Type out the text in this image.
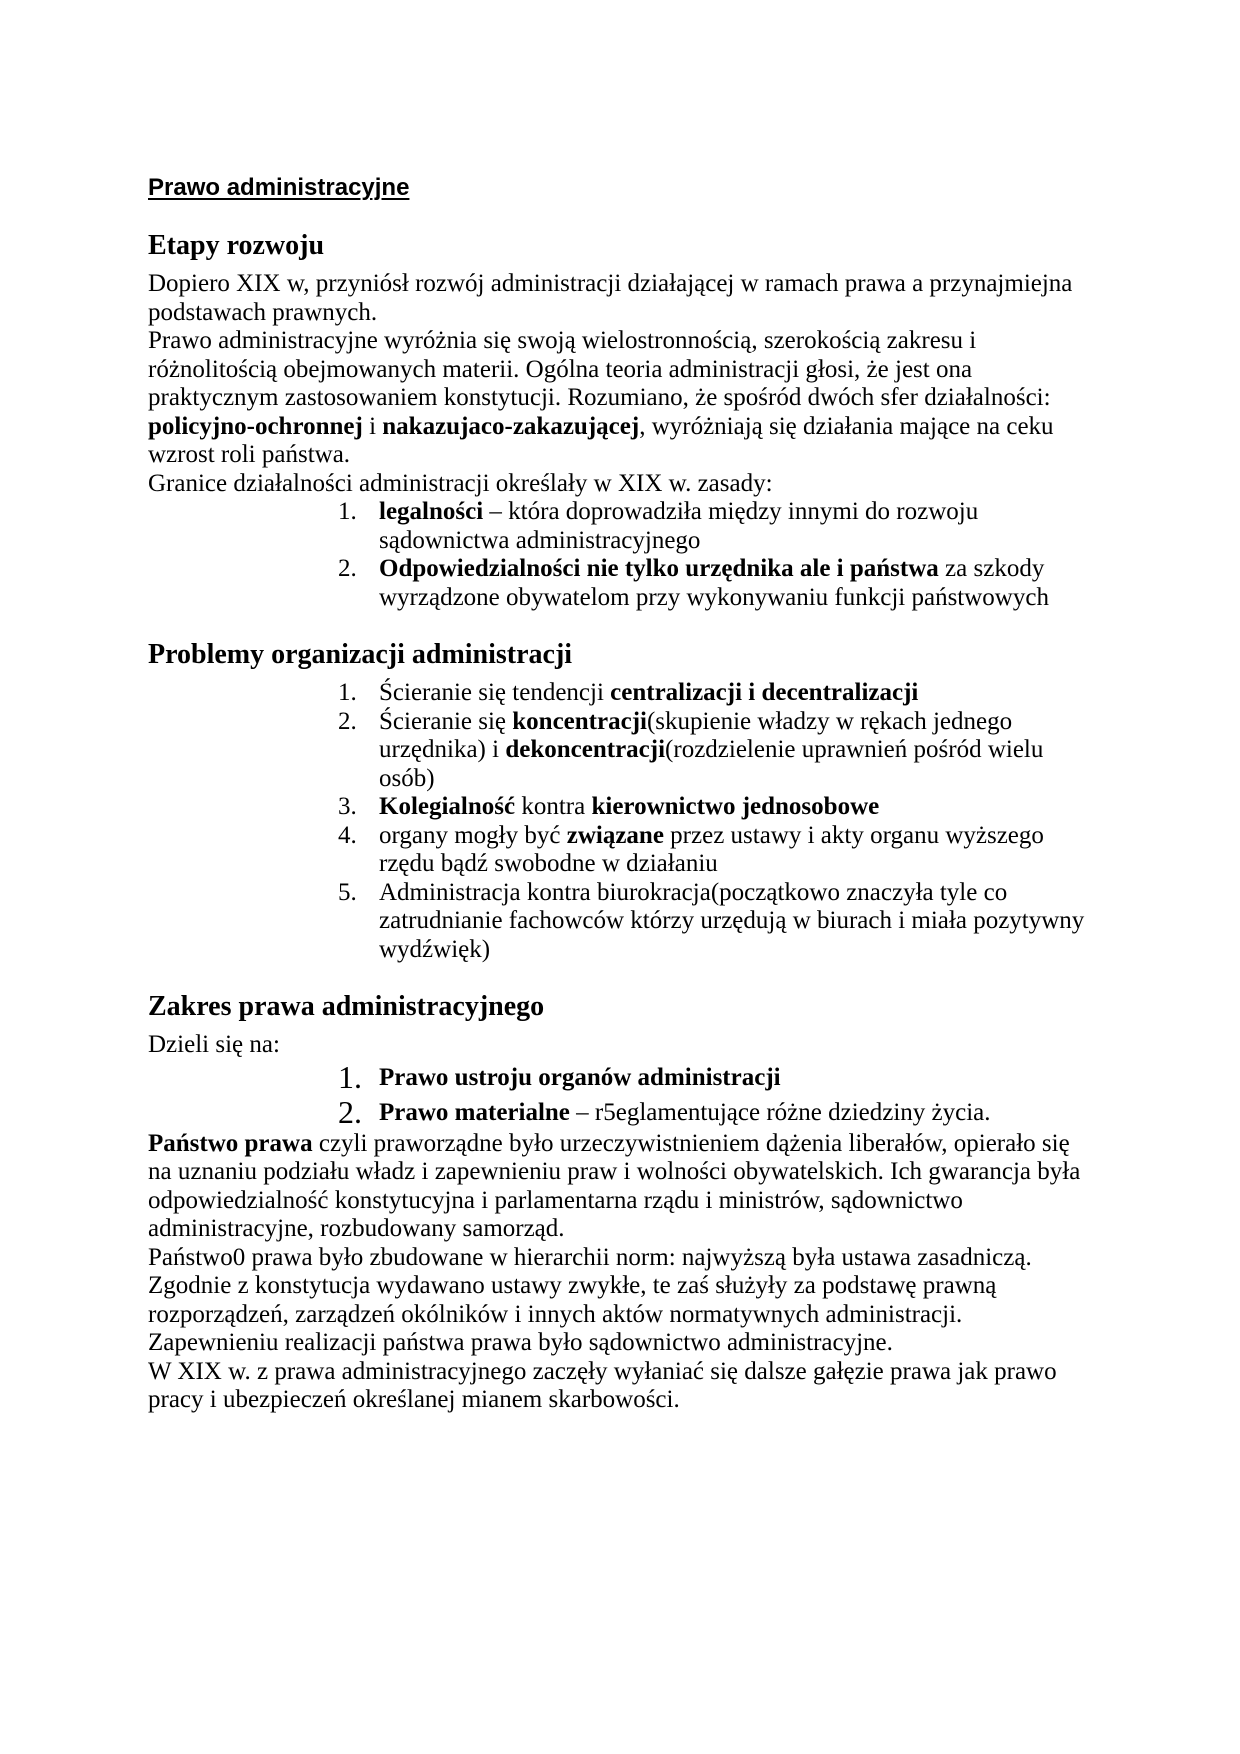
Prawo administracyjne
Etapy rozwoju
Dopiero XIX w, przyniósł rozwój administracji działającej w ramach prawa a przynajmiejna
podstawach prawnych.
Prawo administracyjne wyróżnia się swoją wielostronnością, szerokością zakresu i
różnolitością obejmowanych materii. Ogólna teoria administracji głosi, że jest ona
praktycznym zastosowaniem konstytucji. Rozumiano, że spośród dwóch sfer działalności:
policyjno-ochronnej i nakazujaco-zakazującej, wyróżniają się działania mające na ceku
wzrost roli państwa.
Granice działalności administracji określały w XIX w. zasady:
1. legalności – która doprowadziła między innymi do rozwoju
sądownictwa administracyjnego
2. Odpowiedzialności nie tylko urzędnika ale i państwa za szkody
wyrządzone obywatelom przy wykonywaniu funkcji państwowych
Problemy organizacji administracji
1. Ścieranie się tendencji centralizacji i decentralizacji
2. Ścieranie się koncentracji(skupienie władzy w rękach jednego
urzędnika) i dekoncentracji(rozdzielenie uprawnień pośród wielu
osób)
3. Kolegialność kontra kierownictwo jednosobowe
4. organy mogły być związane przez ustawy i akty organu wyższego
rzędu bądź swobodne w działaniu
5. Administracja kontra biurokracja(początkowo znaczyła tyle co
zatrudnianie fachowców którzy urzędują w biurach i miała pozytywny
wydźwięk)
Zakres prawa administracyjnego
Dzieli się na:
1. Prawo ustroju organów administracji
2. Prawo materialne – r5eglamentujące różne dziedziny życia.
Państwo prawa czyli praworządne było urzeczywistnieniem dążenia liberałów, opierało się
na uznaniu podziału władz i zapewnieniu praw i wolności obywatelskich. Ich gwarancja była
odpowiedzialność konstytucyjna i parlamentarna rządu i ministrów, sądownictwo
administracyjne, rozbudowany samorząd.
Państwo0 prawa było zbudowane w hierarchii norm: najwyższą była ustawa zasadniczą.
Zgodnie z konstytucja wydawano ustawy zwykłe, te zaś służyły za podstawę prawną
rozporządzeń, zarządzeń okólników i innych aktów normatywnych administracji.
Zapewnieniu realizacji państwa prawa było sądownictwo administracyjne.
W XIX w. z prawa administracyjnego zaczęły wyłaniać się dalsze gałęzie prawa jak prawo
pracy i ubezpieczeń określanej mianem skarbowości.
